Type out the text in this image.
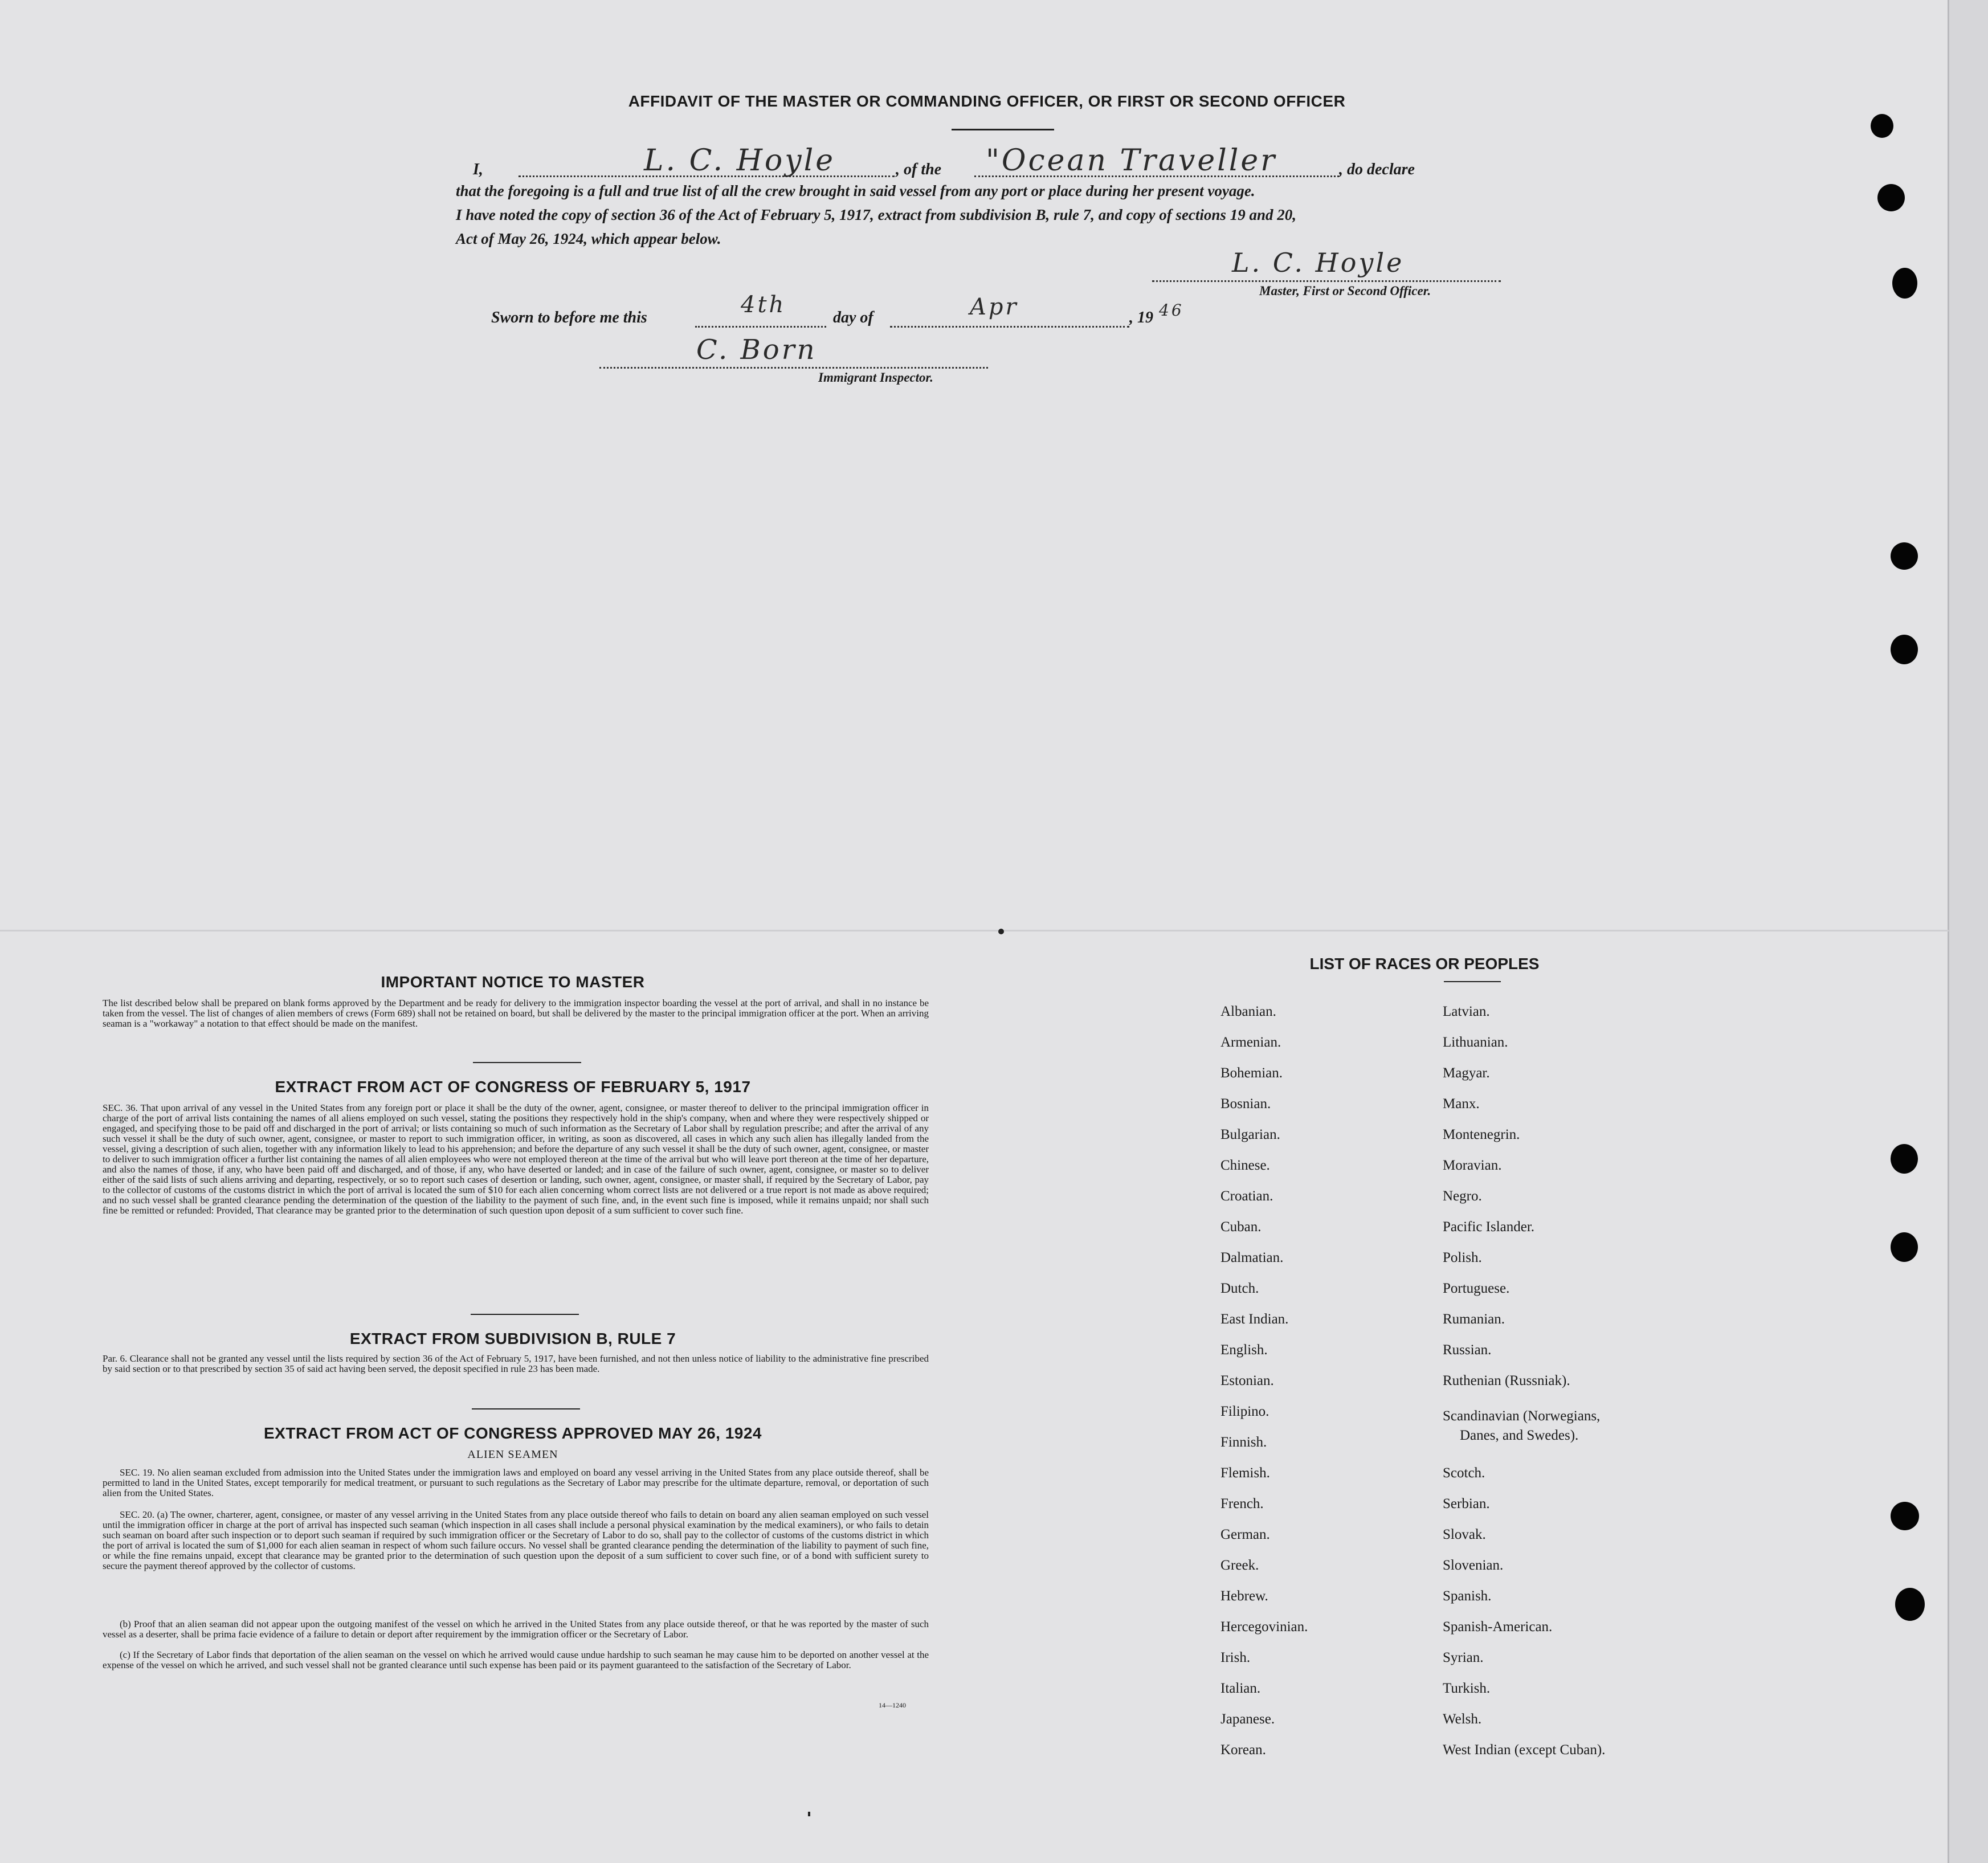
AFFIDAVIT OF THE MASTER OR COMMANDING OFFICER, OR FIRST OR SECOND OFFICER
I,	L. C. Hoyle	, of the "Ocean Traveller	, do declare
that the foregoing is a full and true list of all the crew brought in said vessel from any port or place during her present voyage.
I have noted the copy of section 36 of the Act of February 5, 1917, extract from subdivision B, rule 7, and copy of sections 19 and 20,
Act of May 26, 1924, which appear below.
L. C. Hoyle
Master, First or Second Officer.
Sworn to before me this	4th	day of	Apr	, 19 46
C. Born
Immigrant Inspector.
IMPORTANT NOTICE TO MASTER
The list described below shall be prepared on blank forms approved by the Department and be ready for delivery to the immigration inspector boarding the vessel at the port of arrival, and shall in no instance be taken from the vessel. The list of changes of alien members of crews (Form 689) shall not be retained on board, but shall be delivered by the master to the principal immigration officer at the port. When an arriving seaman is a "workaway" a notation to that effect should be made on the manifest.
EXTRACT FROM ACT OF CONGRESS OF FEBRUARY 5, 1917
SEC. 36. That upon arrival of any vessel in the United States from any foreign port or place it shall be the duty of the owner, agent, consignee, or master thereof to deliver to the principal immigration officer in charge of the port of arrival lists containing the names of all aliens employed on such vessel, stating the positions they respectively hold in the ship's company, when and where they were respectively shipped or engaged, and specifying those to be paid off and discharged in the port of arrival; or lists containing so much of such information as the Secretary of Labor shall by regulation prescribe; and after the arrival of any such vessel it shall be the duty of such owner, agent, consignee, or master to report to such immigration officer, in writing, as soon as discovered, all cases in which any such alien has illegally landed from the vessel, giving a description of such alien, together with any information likely to lead to his apprehension; and before the departure of any such vessel it shall be the duty of such owner, agent, consignee, or master to deliver to such immigration officer a further list containing the names of all alien employees who were not employed thereon at the time of the arrival but who will leave port thereon at the time of her departure, and also the names of those, if any, who have been paid off and discharged, and of those, if any, who have deserted or landed; and in case of the failure of such owner, agent, consignee, or master so to deliver either of the said lists of such aliens arriving and departing, respectively, or so to report such cases of desertion or landing, such owner, agent, consignee, or master shall, if required by the Secretary of Labor, pay to the collector of customs of the customs district in which the port of arrival is located the sum of $10 for each alien concerning whom correct lists are not delivered or a true report is not made as above required; and no such vessel shall be granted clearance pending the determination of the question of the liability to the payment of such fine, and, in the event such fine is imposed, while it remains unpaid; nor shall such fine be remitted or refunded: Provided, That clearance may be granted prior to the determination of such question upon deposit of a sum sufficient to cover such fine.
EXTRACT FROM SUBDIVISION B, RULE 7
Par. 6. Clearance shall not be granted any vessel until the lists required by section 36 of the Act of February 5, 1917, have been furnished, and not then unless notice of liability to the administrative fine prescribed by said section or to that prescribed by section 35 of said act having been served, the deposit specified in rule 23 has been made.
EXTRACT FROM ACT OF CONGRESS APPROVED MAY 26, 1924
ALIEN SEAMEN
SEC. 19. No alien seaman excluded from admission into the United States under the immigration laws and employed on board any vessel arriving in the United States from any place outside thereof, shall be permitted to land in the United States, except temporarily for medical treatment, or pursuant to such regulations as the Secretary of Labor may prescribe for the ultimate departure, removal, or deportation of such alien from the United States.
SEC. 20. (a) The owner, charterer, agent, consignee, or master of any vessel arriving in the United States from any place outside thereof who fails to detain on board any alien seaman employed on such vessel until the immigration officer in charge at the port of arrival has inspected such seaman (which inspection in all cases shall include a personal physical examination by the medical examiners), or who fails to detain such seaman on board after such inspection or to deport such seaman if required by such immigration officer or the Secretary of Labor to do so, shall pay to the collector of customs of the customs district in which the port of arrival is located the sum of $1,000 for each alien seaman in respect of whom such failure occurs. No vessel shall be granted clearance pending the determination of the liability to payment of such fine, or while the fine remains unpaid, except that clearance may be granted prior to the determination of such question upon the deposit of a sum sufficient to cover such fine, or of a bond with sufficient surety to secure the payment thereof approved by the collector of customs.
(b) Proof that an alien seaman did not appear upon the outgoing manifest of the vessel on which he arrived in the United States from any place outside thereof, or that he was reported by the master of such vessel as a deserter, shall be prima facie evidence of a failure to detain or deport after requirement by the immigration officer or the Secretary of Labor.
(c) If the Secretary of Labor finds that deportation of the alien seaman on the vessel on which he arrived would cause undue hardship to such seaman he may cause him to be deported on another vessel at the expense of the vessel on which he arrived, and such vessel shall not be granted clearance until such expense has been paid or its payment guaranteed to the satisfaction of the Secretary of Labor.
14—1240
LIST OF RACES OR PEOPLES
Albanian.
Armenian.
Bohemian.
Bosnian.
Bulgarian.
Chinese.
Croatian.
Cuban.
Dalmatian.
Dutch.
East Indian.
English.
Estonian.
Filipino.
Finnish.
Flemish.
French.
German.
Greek.
Hebrew.
Hercegovinian.
Irish.
Italian.
Japanese.
Korean.
Latvian.
Lithuanian.
Magyar.
Manx.
Montenegrin.
Moravian.
Negro.
Pacific Islander.
Polish.
Portuguese.
Rumanian.
Russian.
Ruthenian (Russniak).
Scandinavian (Norwegians,
Danes, and Swedes).
Scotch.
Serbian.
Slovak.
Slovenian.
Spanish.
Spanish-American.
Syrian.
Turkish.
Welsh.
West Indian (except Cuban).
